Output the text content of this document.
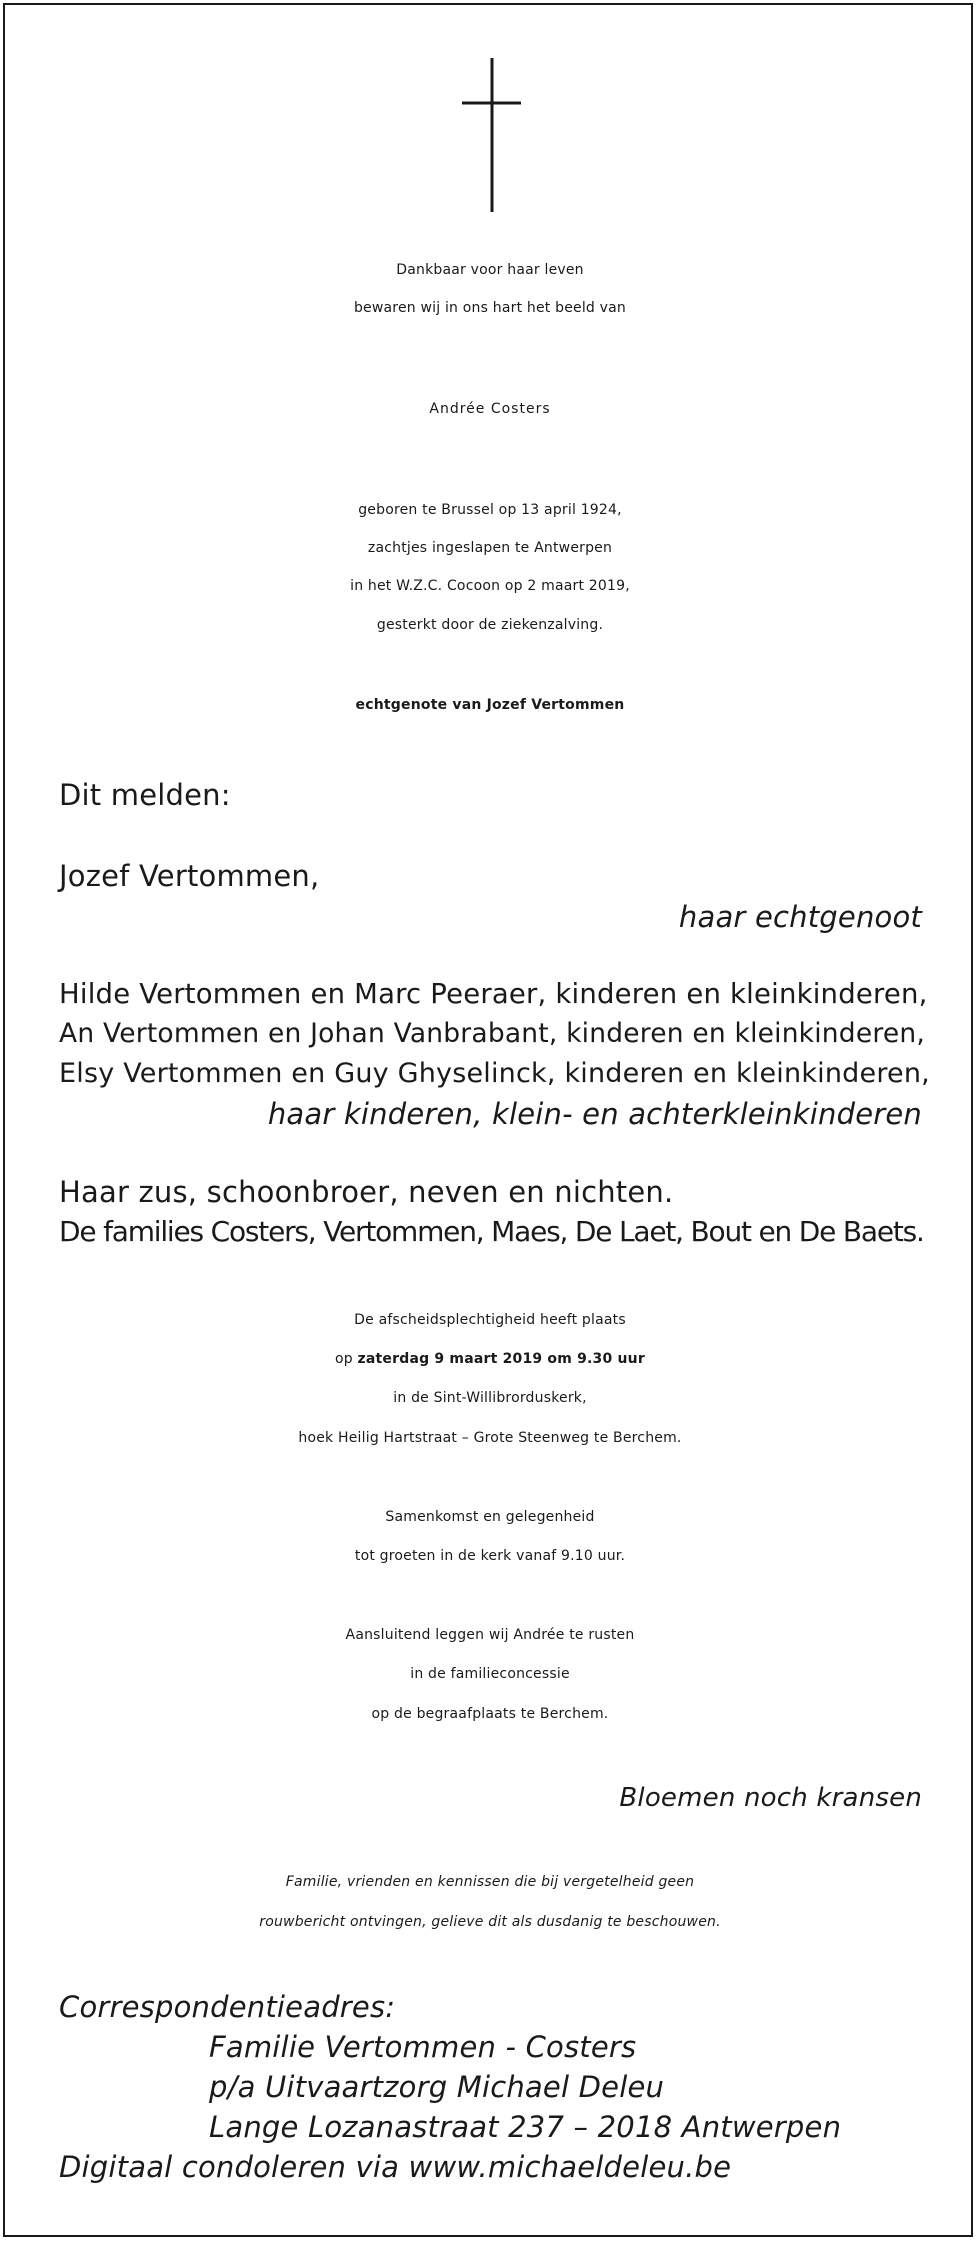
Dankbaar voor haar leven
bewaren wij in ons hart het beeld van
Andrée Costers
geboren te Brussel op 13 april 1924,
zachtjes ingeslapen te Antwerpen
in het W.Z.C. Cocoon op 2 maart 2019,
gesterkt door de ziekenzalving.
echtgenote van Jozef Vertommen
Dit melden:
Jozef Vertommen,
haar echtgenoot
Hilde Vertommen en Marc Peeraer, kinderen en kleinkinderen,
An Vertommen en Johan Vanbrabant, kinderen en kleinkinderen,
Elsy Vertommen en Guy Ghyselinck, kinderen en kleinkinderen,
haar kinderen, klein- en achterkleinkinderen
Haar zus, schoonbroer, neven en nichten.
De families Costers, Vertommen, Maes, De Laet, Bout en De Baets.
De afscheidsplechtigheid heeft plaats
op zaterdag 9 maart 2019 om 9.30 uur
in de Sint-Willibrorduskerk,
hoek Heilig Hartstraat – Grote Steenweg te Berchem.
Samenkomst en gelegenheid
tot groeten in de kerk vanaf 9.10 uur.
Aansluitend leggen wij Andrée te rusten
in de familieconcessie
op de begraafplaats te Berchem.
Bloemen noch kransen
Familie, vrienden en kennissen die bij vergetelheid geen
rouwbericht ontvingen, gelieve dit als dusdanig te beschouwen.
Correspondentieadres:
Familie Vertommen - Costers
p/a Uitvaartzorg Michael Deleu
Lange Lozanastraat 237 – 2018 Antwerpen
Digitaal condoleren via www.michaeldeleu.be
